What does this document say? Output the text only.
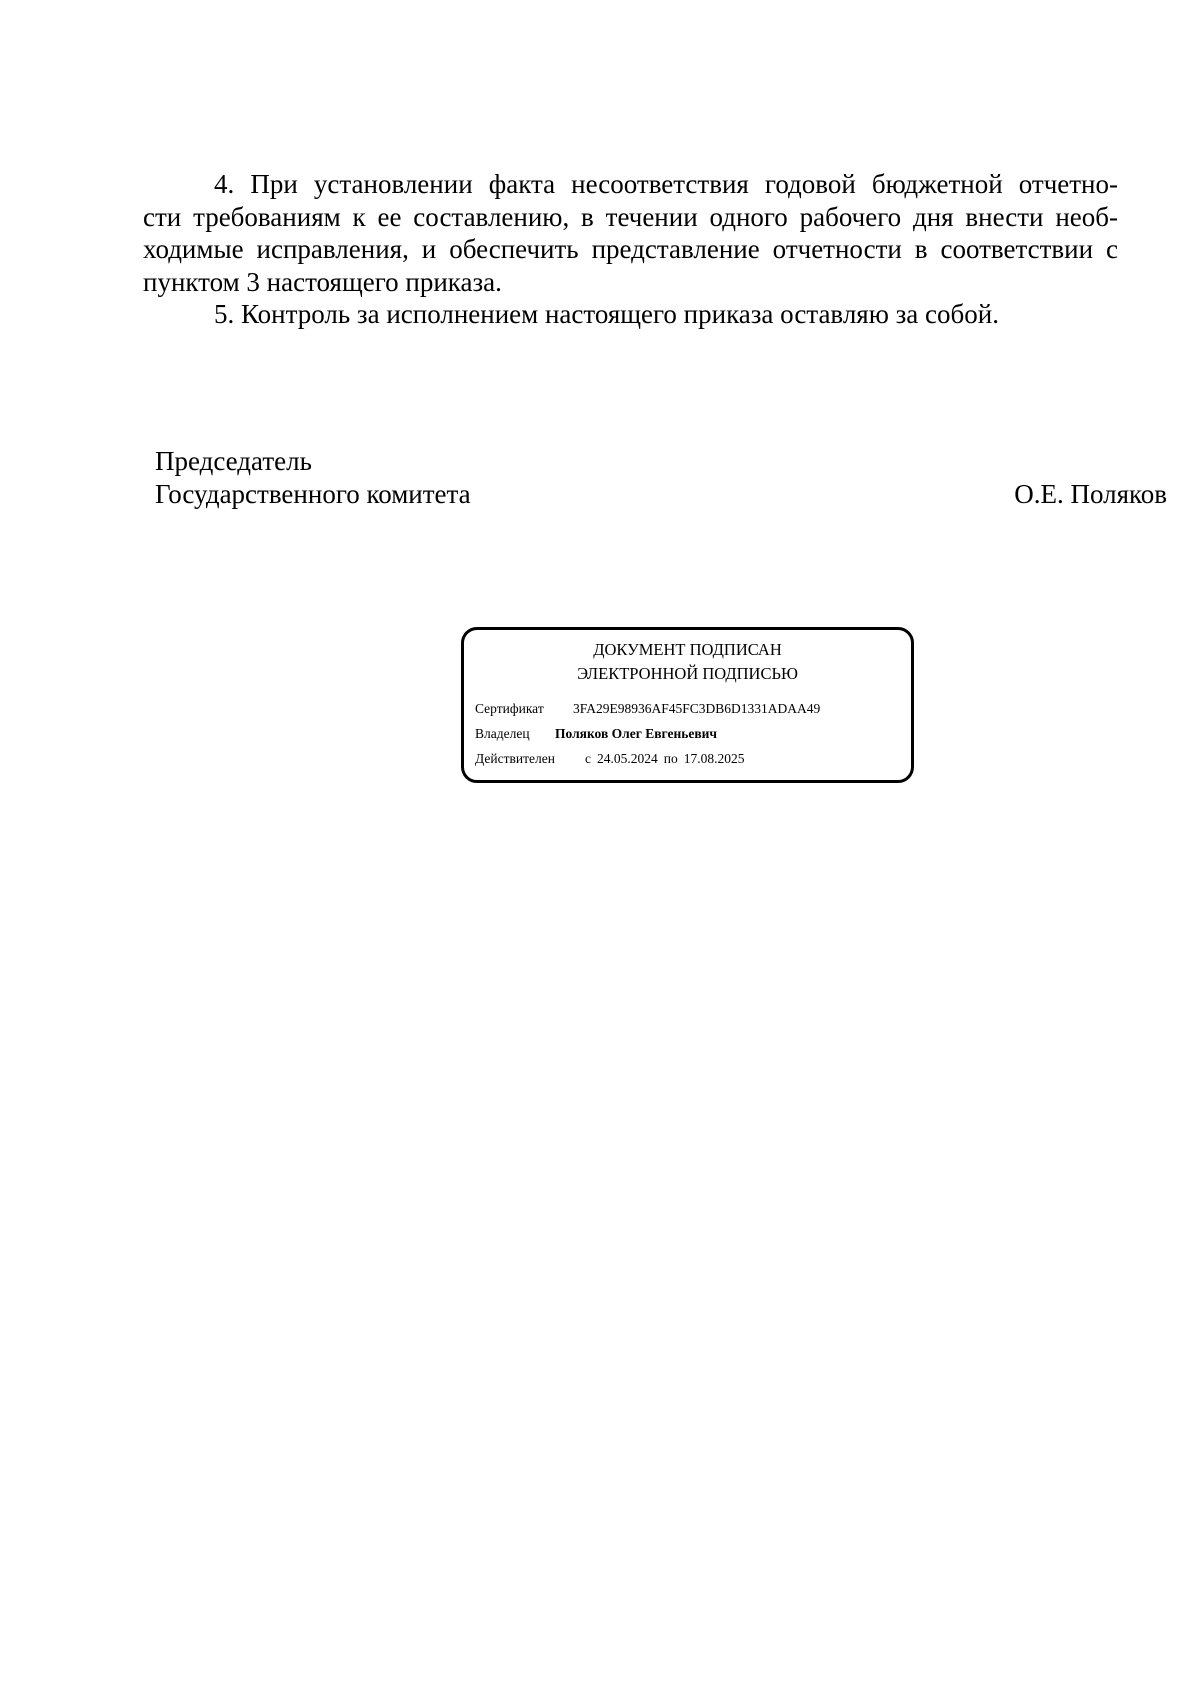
4. При установлении факта несоответствия годовой бюджетной отчетно-
сти требованиям к ее составлению, в течении одного рабочего дня внести необ-
ходимые исправления, и обеспечить представление отчетности в соответствии с
пунктом 3 настоящего приказа.

5. Контроль за исполнением настоящего приказа оставляю за собой.

Председатель
Государственного комитета	О.Е. Поляков
ДОКУМЕНТ ПОДПИСАН
ЭЛЕКТРОННОЙ ПОДПИСЬЮ
Сертификат 3FA29E98936AF45FC3DB6D1331ADAA49
Владелец Поляков Олег Евгеньевич
Действителен с 24.05.2024 по 17.08.2025
